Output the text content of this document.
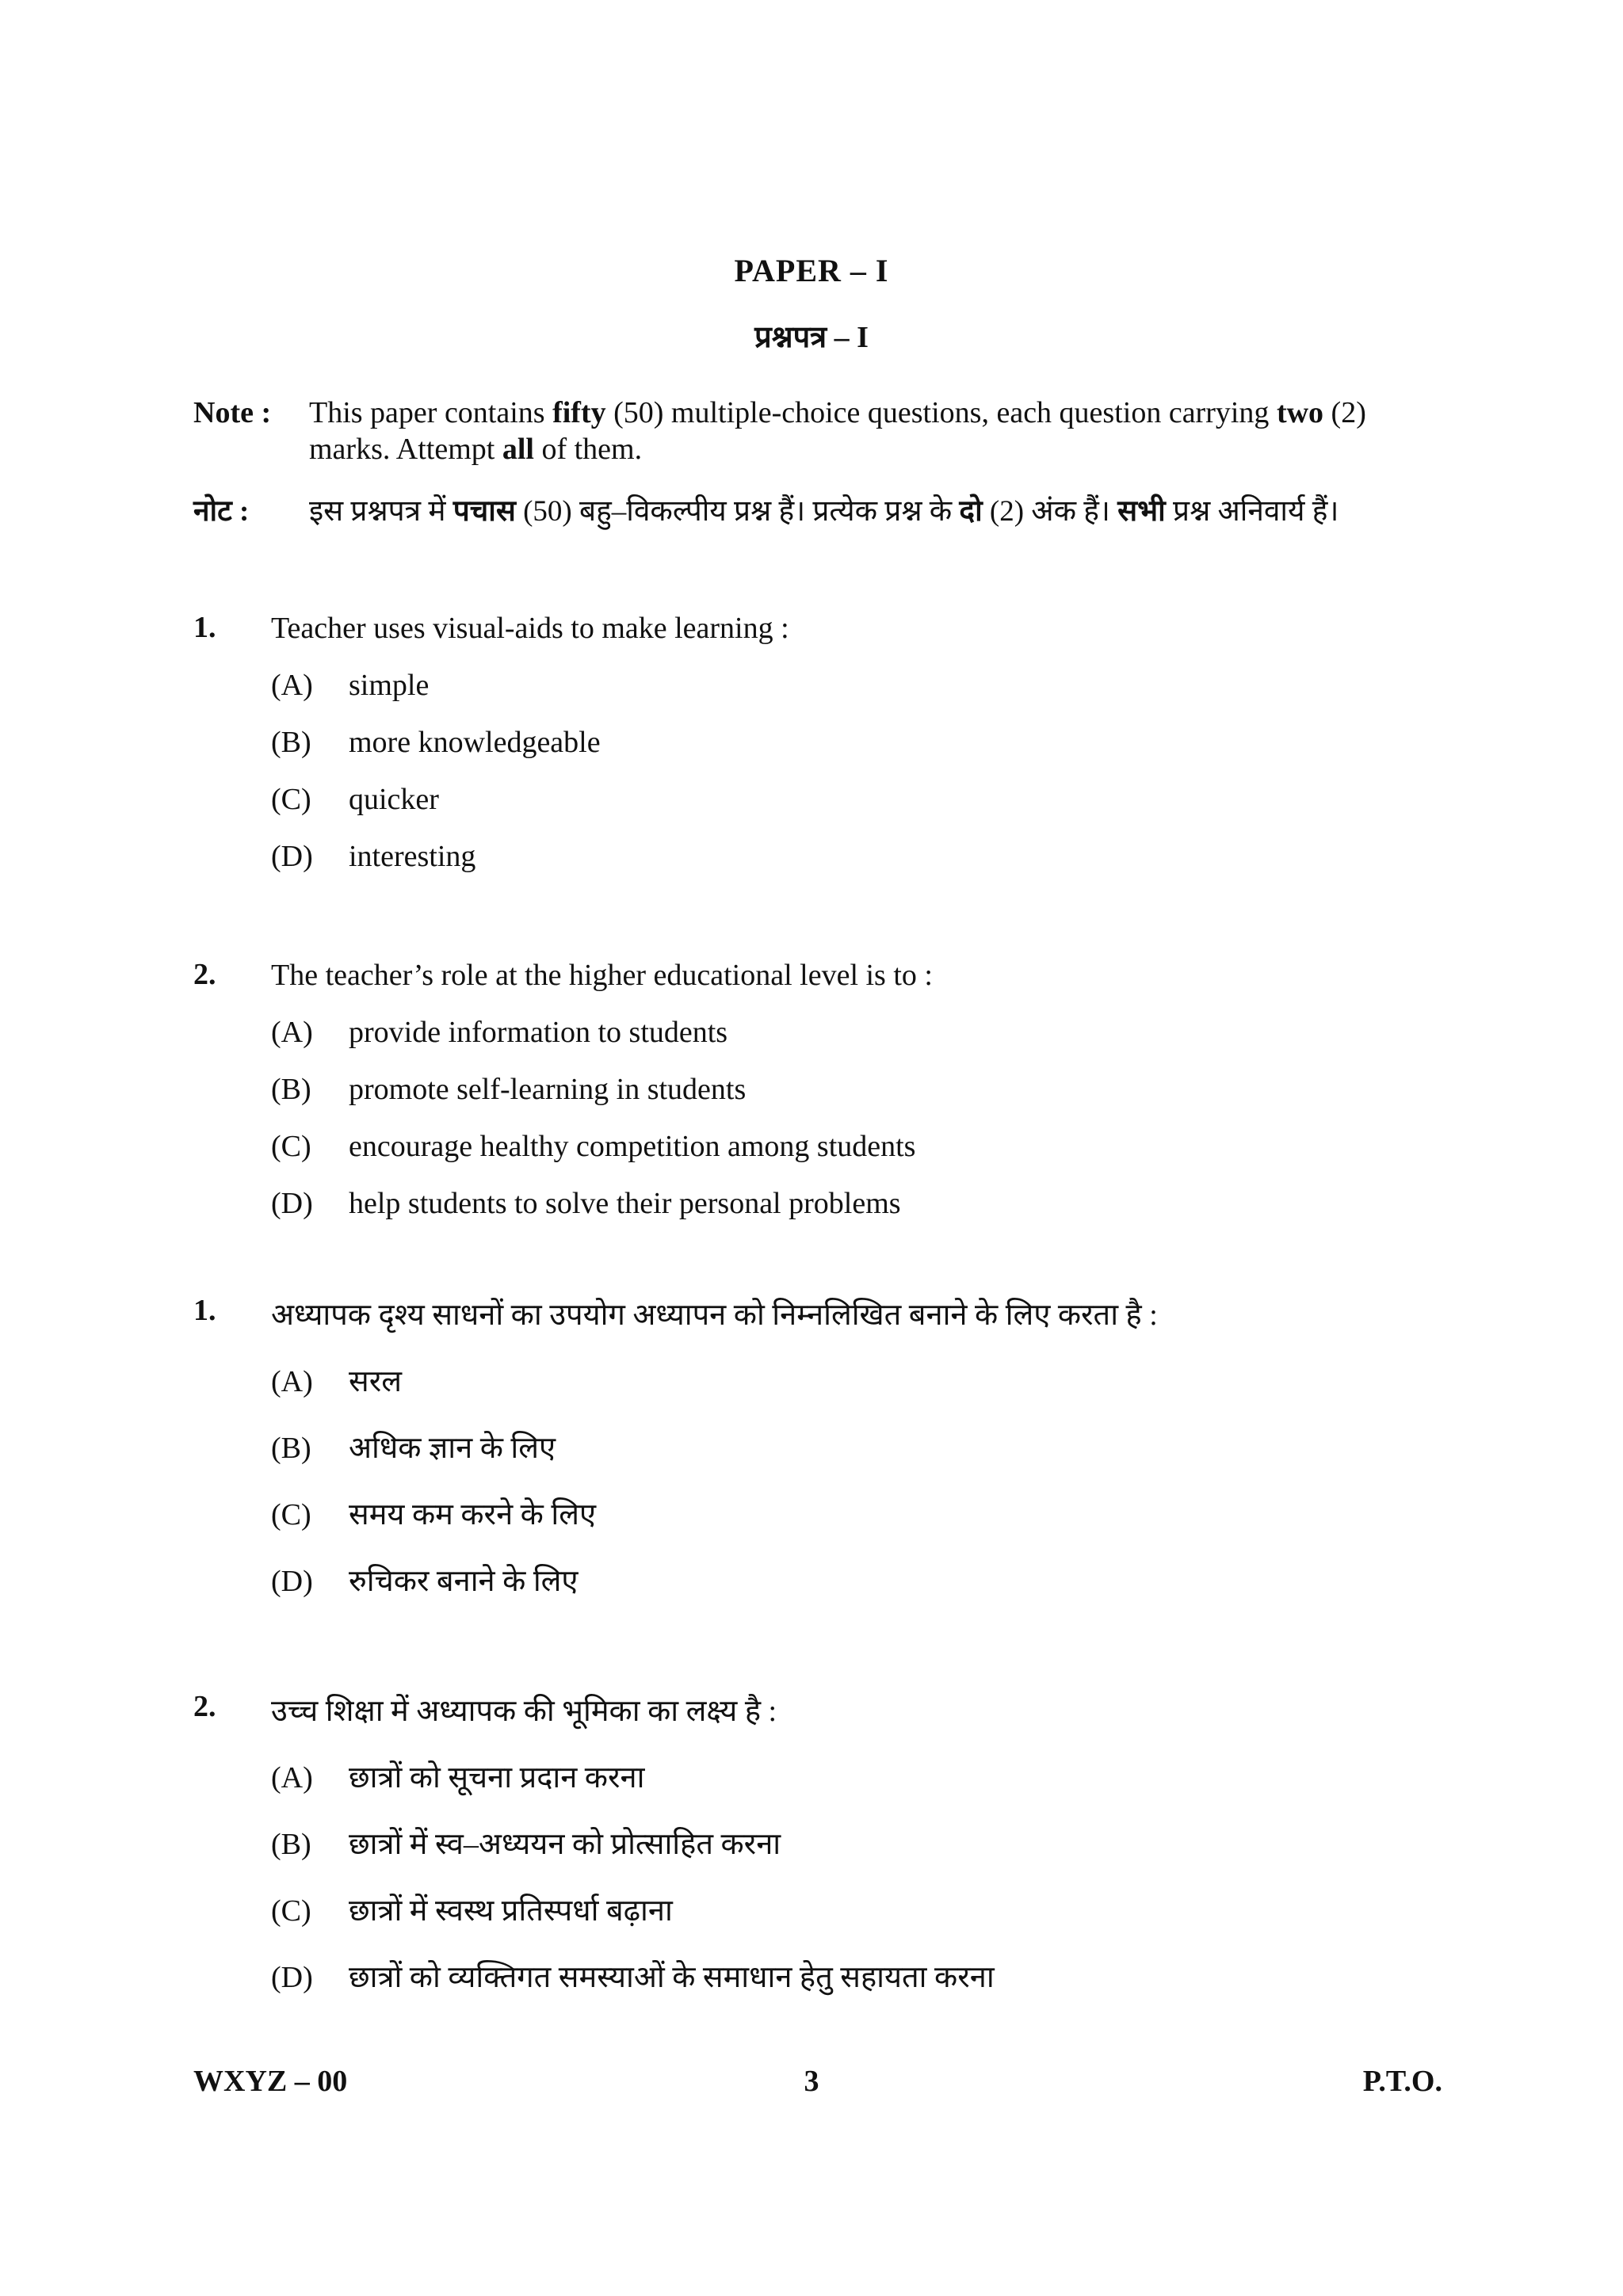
PAPER – I
प्रश्नपत्र – I
Note : This paper contains fifty (50) multiple-choice questions, each question carrying two (2) marks. Attempt all of them.
नोट : इस प्रश्नपत्र में पचास (50) बहु–विकल्पीय प्रश्न हैं। प्रत्येक प्रश्न के दो (2) अंक हैं। सभी प्रश्न अनिवार्य हैं।
1. Teacher uses visual-aids to make learning :
(A) simple
(B) more knowledgeable
(C) quicker
(D) interesting
2. The teacher’s role at the higher educational level is to :
(A) provide information to students
(B) promote self-learning in students
(C) encourage healthy competition among students
(D) help students to solve their personal problems
1. अध्यापक दृश्य साधनों का उपयोग अध्यापन को निम्नलिखित बनाने के लिए करता है :
(A) सरल
(B) अधिक ज्ञान के लिए
(C) समय कम करने के लिए
(D) रुचिकर बनाने के लिए
2. उच्च शिक्षा में अध्यापक की भूमिका का लक्ष्य है :
(A) छात्रों को सूचना प्रदान करना
(B) छात्रों में स्व–अध्ययन को प्रोत्साहित करना
(C) छात्रों में स्वस्थ प्रतिस्पर्धा बढ़ाना
(D) छात्रों को व्यक्तिगत समस्याओं के समाधान हेतु सहायता करना
WXYZ – 00	3	P.T.O.
